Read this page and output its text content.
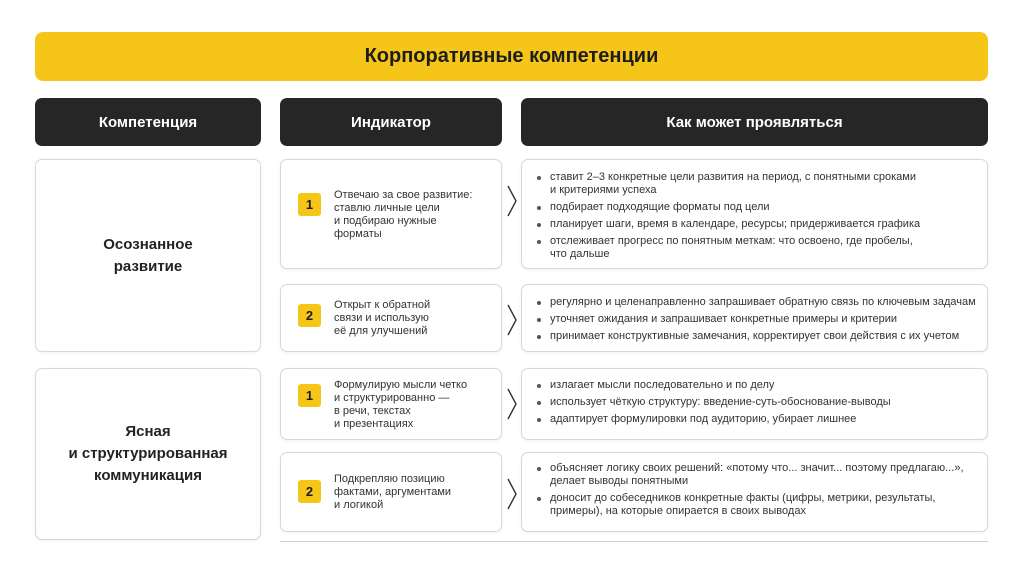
Корпоративные компетенции
Компетенция	Индикатор	Как может проявляться
Осознанное
развитие
1
Отвечаю за свое развитие:
ставлю личные цели
и подбираю нужные
форматы
ставит 2–3 конкретные цели развития на период, с понятными сроками
и критериями успеха
подбирает подходящие форматы под цели
планирует шаги, время в календаре, ресурсы; придерживается графика
отслеживает прогресс по понятным меткам: что освоено, где пробелы,
что дальше
2
Открыт к обратной
связи и использую
её для улучшений
регулярно и целенаправленно запрашивает обратную связь по ключевым задачам
уточняет ожидания и запрашивает конкретные примеры и критерии
принимает конструктивные замечания, корректирует свои действия с их учетом
Ясная
и структурированная
коммуникация
1
Формулирую мысли четко
и структурированно —
в речи, текстах
и презентациях
излагает мысли последовательно и по делу
использует чёткую структуру: введение-суть-обоснование-выводы
адаптирует формулировки под аудиторию, убирает лишнее
2
Подкрепляю позицию
фактами, аргументами
и логикой
объясняет логику своих решений: «потому что... значит... поэтому предлагаю...»,
делает выводы понятными
доносит до собеседников конкретные факты (цифры, метрики, результаты,
примеры), на которые опирается в своих выводах
